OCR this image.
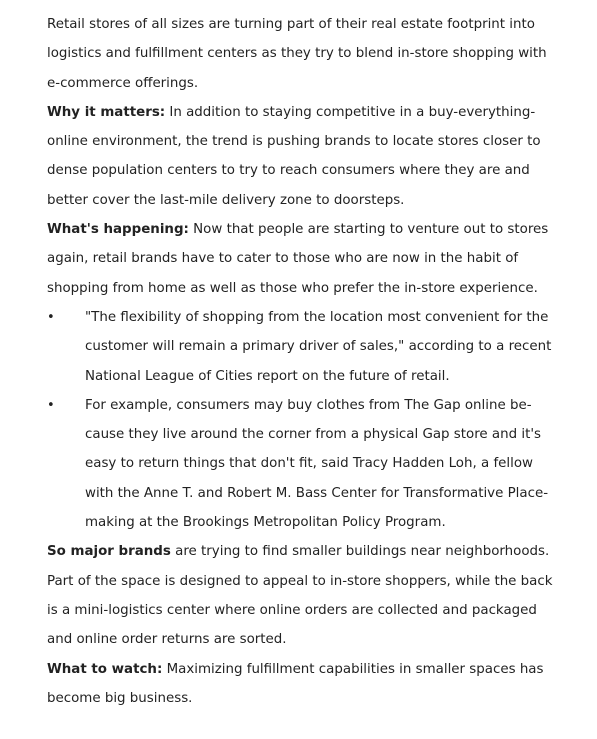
Retail stores of all sizes are turning part of their real estate footprint into logistics and fulfillment centers as they try to blend in-store shopping with e-commerce offerings.

Why it matters: In addition to staying competitive in a buy-everything-online environment, the trend is pushing brands to locate stores closer to dense population centers to try to reach consumers where they are and better cover the last-mile delivery zone to doorsteps.

What's happening: Now that people are starting to venture out to stores again, retail brands have to cater to those who are now in the habit of shopping from home as well as those who prefer the in-store experience.

• "The flexibility of shopping from the location most convenient for the customer will remain a primary driver of sales," according to a recent National League of Cities report on the future of retail.
• For example, consumers may buy clothes from The Gap online be-cause they live around the corner from a physical Gap store and it's easy to return things that don't fit, said Tracy Hadden Loh, a fellow with the Anne T. and Robert M. Bass Center for Transformative Place-making at the Brookings Metropolitan Policy Program.

So major brands are trying to find smaller buildings near neighborhoods. Part of the space is designed to appeal to in-store shoppers, while the back is a mini-logistics center where online orders are collected and packaged and online order returns are sorted.

What to watch: Maximizing fulfillment capabilities in smaller spaces has become big business.
